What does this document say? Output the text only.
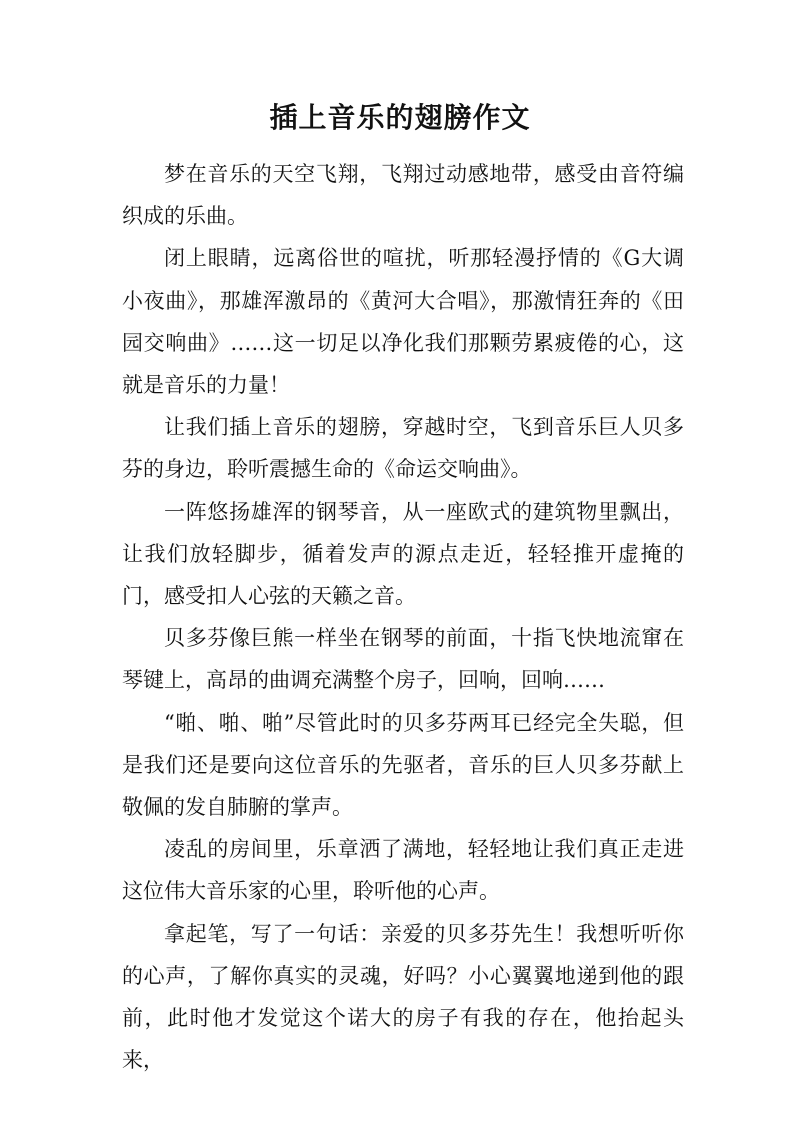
插上音乐的翅膀作文

梦在音乐的天空飞翔，飞翔过动感地带，感受由音符编织成的乐曲。

闭上眼睛，远离俗世的喧扰，听那轻漫抒情的《G大调小夜曲》，那雄浑激昂的《黄河大合唱》，那激情狂奔的《田园交响曲》……这一切足以净化我们那颗劳累疲倦的心，这就是音乐的力量！

让我们插上音乐的翅膀，穿越时空，飞到音乐巨人贝多芬的身边，聆听震撼生命的《命运交响曲》。

一阵悠扬雄浑的钢琴音，从一座欧式的建筑物里飘出，让我们放轻脚步，循着发声的源点走近，轻轻推开虚掩的门，感受扣人心弦的天籁之音。

贝多芬像巨熊一样坐在钢琴的前面，十指飞快地流窜在琴键上，高昂的曲调充满整个房子，回响，回响……

“啪、啪、啪”尽管此时的贝多芬两耳已经完全失聪，但是我们还是要向这位音乐的先驱者，音乐的巨人贝多芬献上敬佩的发自肺腑的掌声。

凌乱的房间里，乐章洒了满地，轻轻地让我们真正走进这位伟大音乐家的心里，聆听他的心声。

拿起笔，写了一句话：亲爱的贝多芬先生！我想听听你的心声，了解你真实的灵魂，好吗？小心翼翼地递到他的跟前，此时他才发觉这个诺大的房子有我的存在，他抬起头来，
